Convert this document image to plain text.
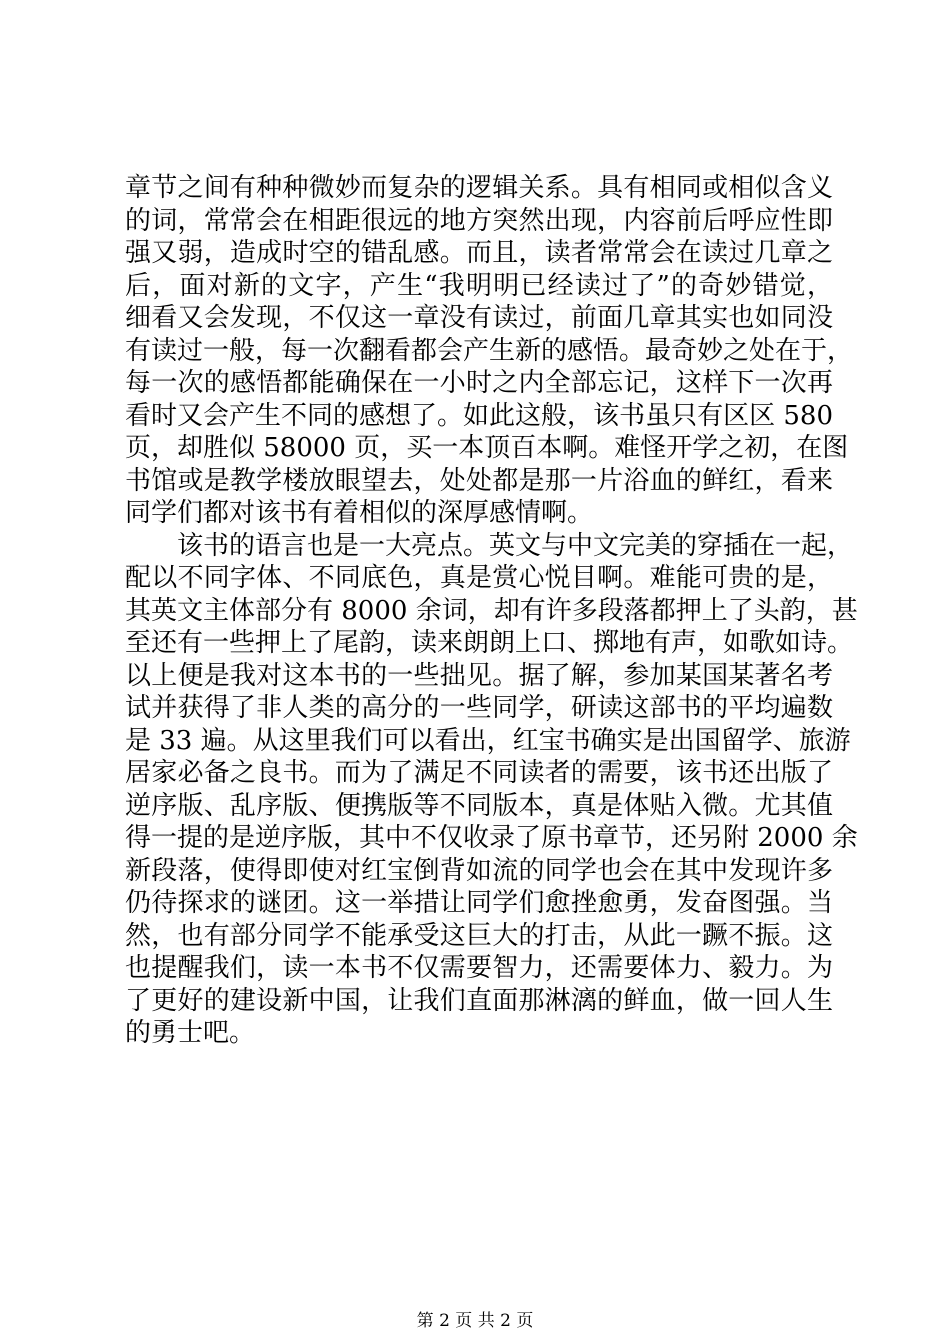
章节之间有种种微妙而复杂的逻辑关系。具有相同或相似含义
的词，常常会在相距很远的地方突然出现，内容前后呼应性即
强又弱，造成时空的错乱感。而且，读者常常会在读过几章之
后，面对新的文字，产生“我明明已经读过了”的奇妙错觉，
细看又会发现，不仅这一章没有读过，前面几章其实也如同没
有读过一般，每一次翻看都会产生新的感悟。最奇妙之处在于，
每一次的感悟都能确保在一小时之内全部忘记，这样下一次再
看时又会产生不同的感想了。如此这般，该书虽只有区区 580
页，却胜似 58000 页，买一本顶百本啊。难怪开学之初，在图
书馆或是教学楼放眼望去，处处都是那一片浴血的鲜红，看来
同学们都对该书有着相似的深厚感情啊。
　　该书的语言也是一大亮点。英文与中文完美的穿插在一起，
配以不同字体、不同底色，真是赏心悦目啊。难能可贵的是，
其英文主体部分有 8000 余词，却有许多段落都押上了头韵，甚
至还有一些押上了尾韵，读来朗朗上口、掷地有声，如歌如诗。
以上便是我对这本书的一些拙见。据了解，参加某国某著名考
试并获得了非人类的高分的一些同学，研读这部书的平均遍数
是 33 遍。从这里我们可以看出，红宝书确实是出国留学、旅游
居家必备之良书。而为了满足不同读者的需要，该书还出版了
逆序版、乱序版、便携版等不同版本，真是体贴入微。尤其值
得一提的是逆序版，其中不仅收录了原书章节，还另附 2000 余
新段落，使得即使对红宝倒背如流的同学也会在其中发现许多
仍待探求的谜团。这一举措让同学们愈挫愈勇，发奋图强。当
然，也有部分同学不能承受这巨大的打击，从此一蹶不振。这
也提醒我们，读一本书不仅需要智力，还需要体力、毅力。为
了更好的建设新中国，让我们直面那淋漓的鲜血，做一回人生
的勇士吧。
第 2 页 共 2 页
